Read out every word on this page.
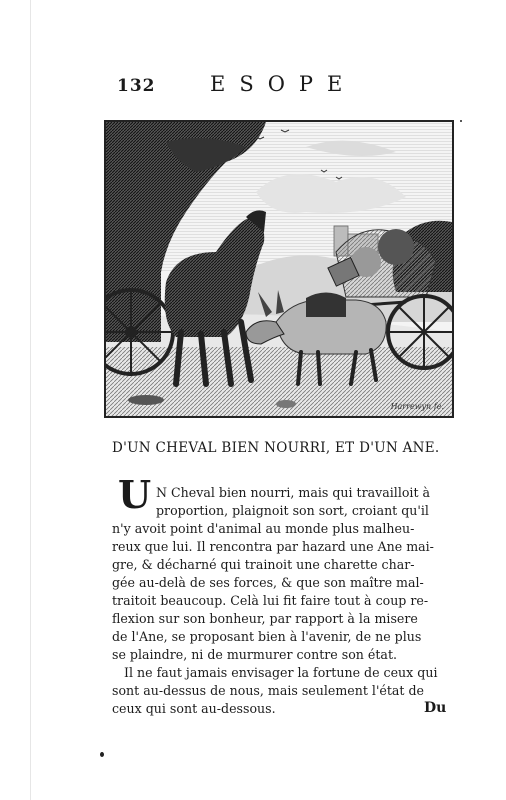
132	ESOPE
Harrewyn fe.
D'UN CHEVAL BIEN NOURRI, ET D'UN ANE.
U N Cheval bien nourri, mais qui travailloit à
proportion, plaignoit son sort, croiant qu'il
n'y avoit point d'animal au monde plus malheu-
reux que lui. Il rencontra par hazard une Ane mai-
gre, & décharné qui trainoit une charette char-
gée au-delà de ses forces, & que son maître mal-
traitoit beaucoup. Celà lui fit faire tout à coup re-
flexion sur son bonheur, par rapport à la misere
de l'Ane, se proposant bien à l'avenir, de ne plus
se plaindre, ni de murmurer contre son état.
Il ne faut jamais envisager la fortune de ceux qui
sont au-dessus de nous, mais seulement l'état de
ceux qui sont au-dessous.	Du
